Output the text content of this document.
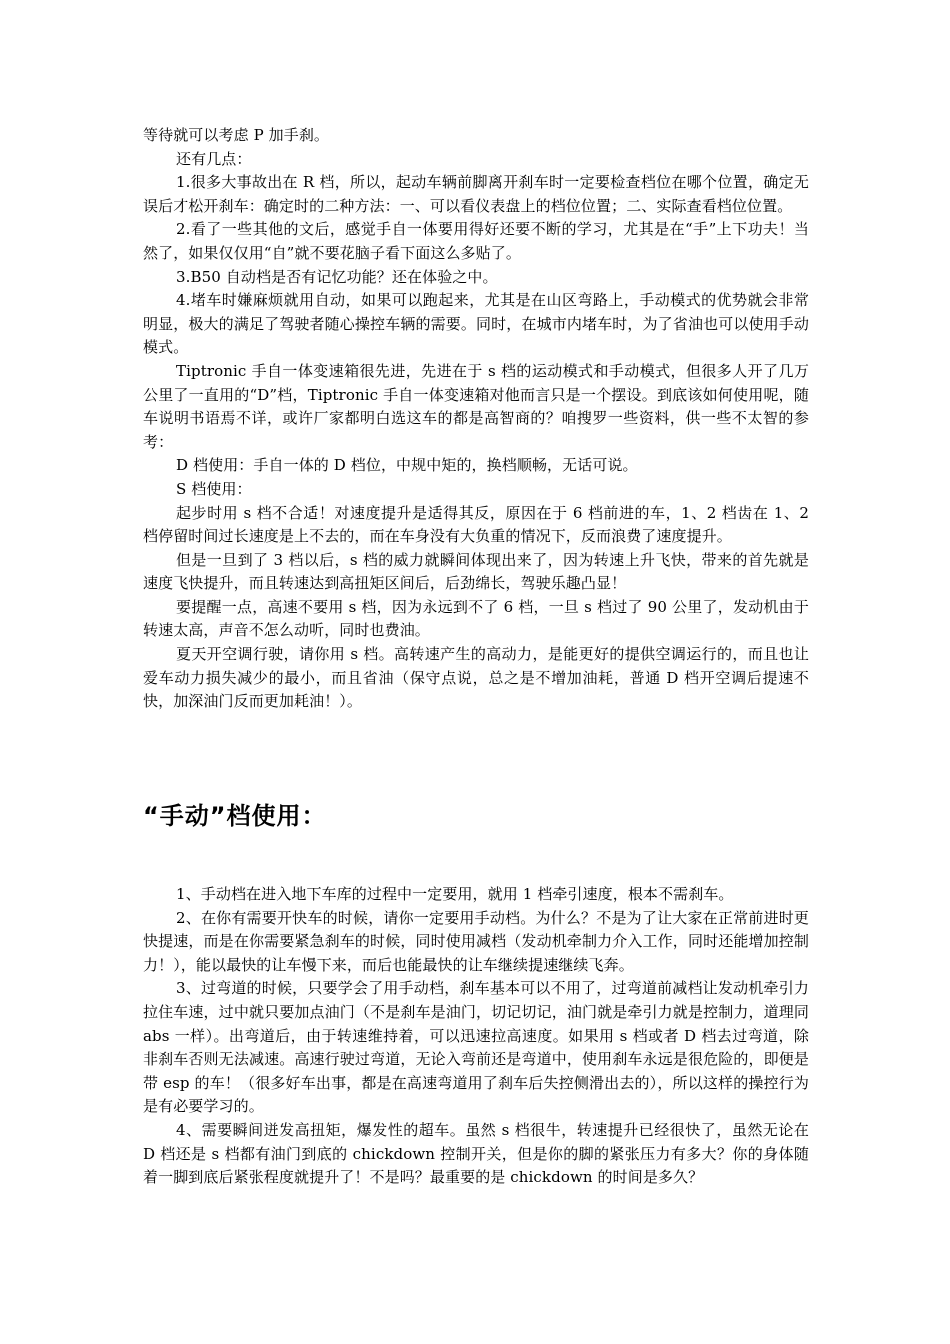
等待就可以考虑 P 加手刹。

还有几点：

1.很多大事故出在 R 档，所以，起动车辆前脚离开刹车时一定要检查档位在哪个位置，确定无误后才松开刹车：确定时的二种方法：一、可以看仪表盘上的档位位置；二、实际查看档位位置。

2.看了一些其他的文后，感觉手自一体要用得好还要不断的学习，尤其是在“手”上下功夫！当然了，如果仅仅用“自”就不要花脑子看下面这么多贴了。

3.B50 自动档是否有记忆功能？还在体验之中。

4.堵车时嫌麻烦就用自动，如果可以跑起来，尤其是在山区弯路上，手动模式的优势就会非常明显，极大的满足了驾驶者随心操控车辆的需要。同时，在城市内堵车时，为了省油也可以使用手动模式。

Tiptronic 手自一体变速箱很先进，先进在于 s 档的运动模式和手动模式，但很多人开了几万公里了一直用的“D”档，Tiptronic 手自一体变速箱对他而言只是一个摆设。到底该如何使用呢，随车说明书语焉不详，或许厂家都明白选这车的都是高智商的？咱搜罗一些资料，供一些不太智的参考：

D 档使用：手自一体的 D 档位，中规中矩的，换档顺畅，无话可说。

S 档使用：

起步时用 s 档不合适！对速度提升是适得其反，原因在于 6 档前进的车，1、2 档齿在 1、2 档停留时间过长速度是上不去的，而在车身没有大负重的情况下，反而浪费了速度提升。

但是一旦到了 3 档以后，s 档的威力就瞬间体现出来了，因为转速上升飞快，带来的首先就是速度飞快提升，而且转速达到高扭矩区间后，后劲绵长，驾驶乐趣凸显！

要提醒一点，高速不要用 s 档，因为永远到不了 6 档，一旦 s 档过了 90 公里了，发动机由于转速太高，声音不怎么动听，同时也费油。

夏天开空调行驶，请你用 s 档。高转速产生的高动力，是能更好的提供空调运行的，而且也让爱车动力损失减少的最小，而且省油（保守点说，总之是不增加油耗，普通 D 档开空调后提速不快，加深油门反而更加耗油！）。

“手动”档使用：

1、手动档在进入地下车库的过程中一定要用，就用 1 档牵引速度，根本不需刹车。

2、在你有需要开快车的时候，请你一定要用手动档。为什么？不是为了让大家在正常前进时更快提速，而是在你需要紧急刹车的时候，同时使用减档（发动机牵制力介入工作，同时还能增加控制力！），能以最快的让车慢下来，而后也能最快的让车继续提速继续飞奔。

3、过弯道的时候，只要学会了用手动档，刹车基本可以不用了，过弯道前减档让发动机牵引力拉住车速，过中就只要加点油门（不是刹车是油门，切记切记，油门就是牵引力就是控制力，道理同 abs 一样）。出弯道后，由于转速维持着，可以迅速拉高速度。如果用 s 档或者 D 档去过弯道，除非刹车否则无法减速。高速行驶过弯道，无论入弯前还是弯道中，使用刹车永远是很危险的，即便是带 esp 的车！（很多好车出事，都是在高速弯道用了刹车后失控侧滑出去的），所以这样的操控行为是有必要学习的。

4、需要瞬间迸发高扭矩，爆发性的超车。虽然 s 档很牛，转速提升已经很快了，虽然无论在 D 档还是 s 档都有油门到底的 chickdown 控制开关，但是你的脚的紧张压力有多大？你的身体随着一脚到底后紧张程度就提升了！不是吗？最重要的是 chickdown 的时间是多久？
